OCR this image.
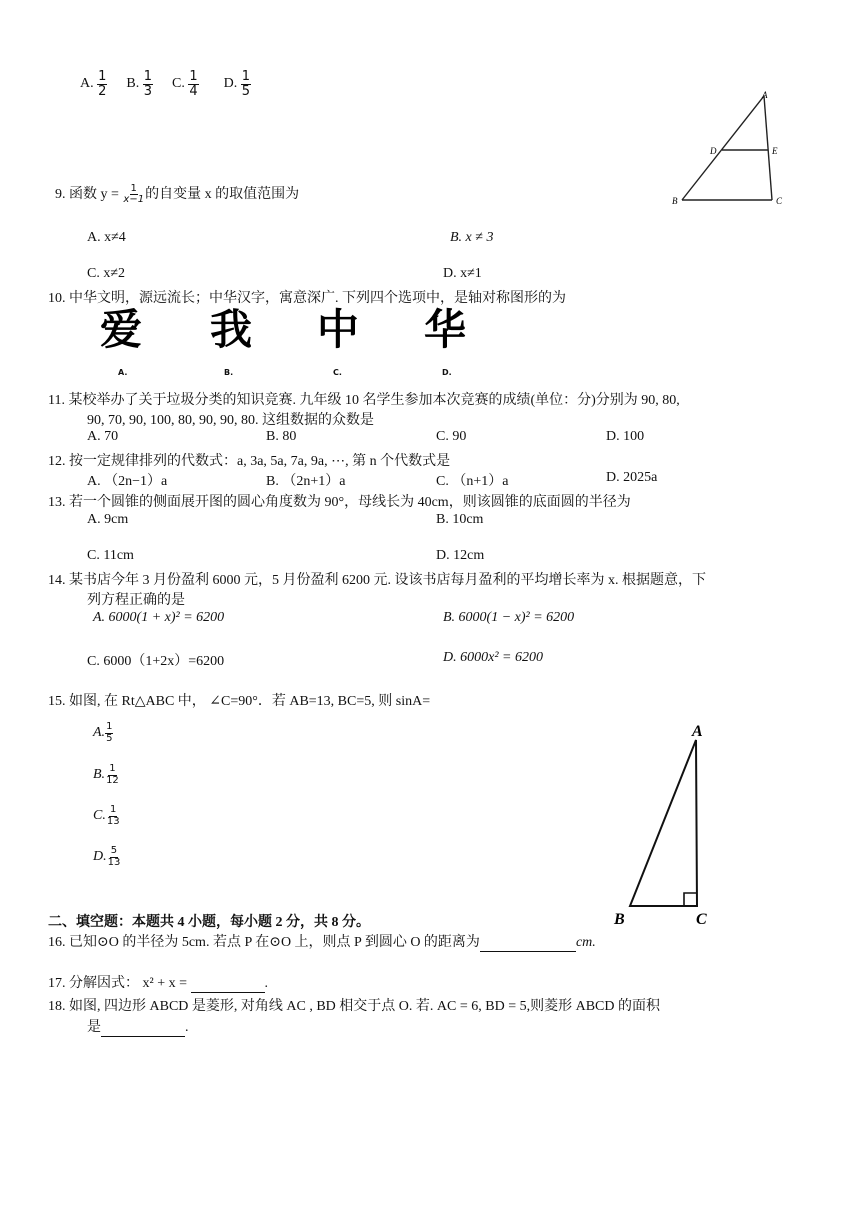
A. $\frac{1}{2} B$. $\frac{1}{3} C$. $\frac{1}{4} D$. $\frac{1}{5}$	A
D	E
B	C
9. 函数 $y = \frac{1}{x-1}$ 的自变量 x 的取值范围为
A. x≠4	B. x ≠ 3
C. x≠2	D. x≠1
10. 中华文明，源远流长；中华汉字，寓意深广. 下列四个选项中，是轴对称图形的为
爱 我 中 华
A.	B.	C.	D.
11. 某校举办了关于垃圾分类的知识竞赛. 九年级 10 名学生参加本次竞赛的成绩(单位：分)分别为 90, 80,
90, 70, 90, 100, 80, 90, 90, 80. 这组数据的众数是
A. 70	B. 80	C. 90	D. 100
12. 按一定规律排列的代数式：a, 3a, 5a, 7a, 9a, ⋯, 第 n 个代数式是
A. （2n−1）a	B. （2n+1）a	C. （n+1）a	D. 2025a
13. 若一个圆锥的侧面展开图的圆心角度数为 90°，母线长为 40cm，则该圆锥的底面圆的半径为
A. 9cm	B. 10cm
C. 11cm	D. 12cm
14. 某书店今年 3 月份盈利 6000 元，5 月份盈利 6200 元. 设该书店每月盈利的平均增长率为 x. 根据题意，下
列方程正确的是
A. 6000(1 + x)² = 6200	B. 6000(1 − x)² = 6200
C. 6000（1+2x）=6200	D. 6000x² = 6200
15. 如图, 在 Rt△ABC 中， ∠C=90°．若 AB=13, BC=5, 则 sinA=
A. $\frac{1}{5}$
B. $\frac{1}{12}$
C. $\frac{1}{13}$
D. $\frac{5}{13}$
A
B	C
二、填空题：本题共 4 小题，每小题 2 分，共 8 分。
16. 已知⊙O 的半径为 5cm. 若点 P 在⊙O 上，则点 P 到圆心 O 的距离为	cm.
17. 分解因式： x² + x =	.
18. 如图, 四边形 ABCD 是菱形, 对角线 AC , BD 相交于点 O. 若. AC = 6, BD = 5,则菱形 ABCD 的面积
是	.
